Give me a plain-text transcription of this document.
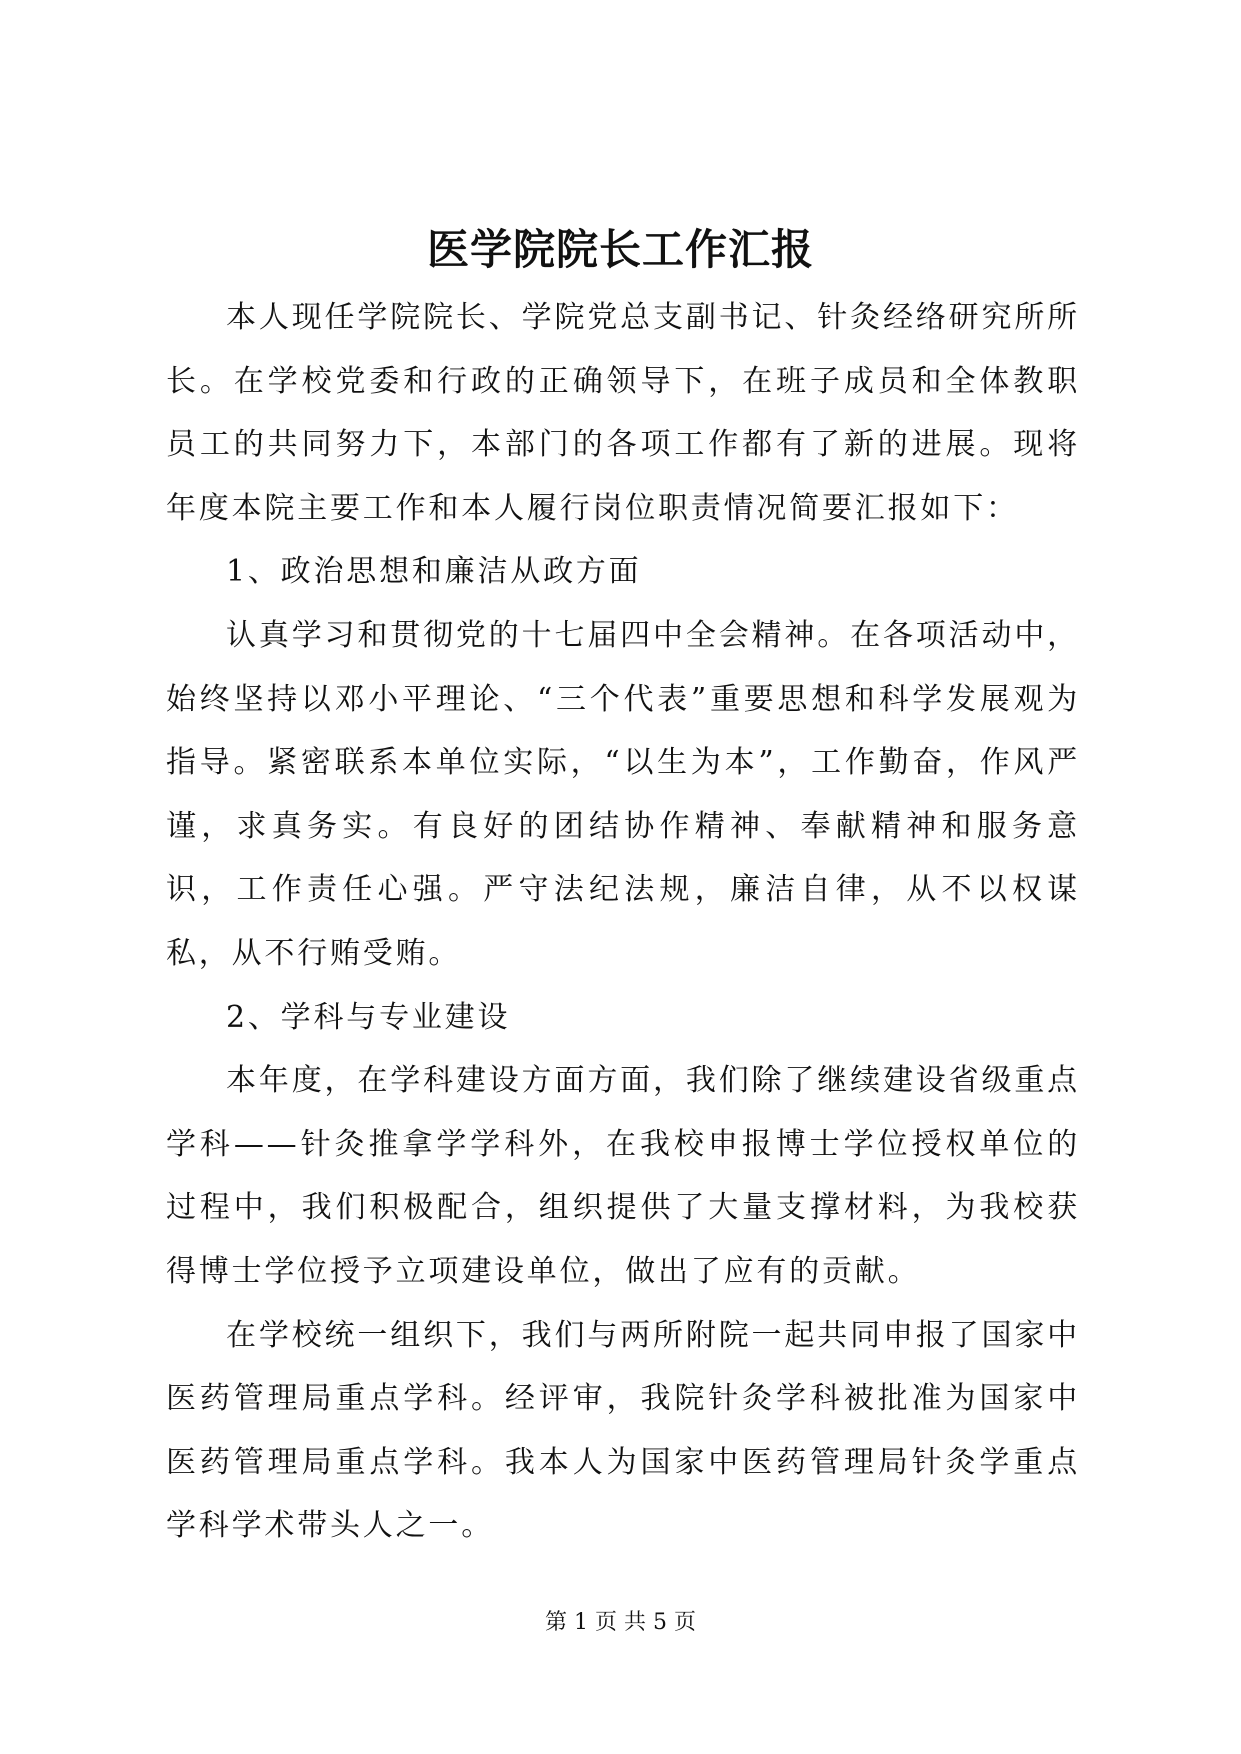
医学院院长工作汇报

本人现任学院院长、学院党总支副书记、针灸经络研究所所长。在学校党委和行政的正确领导下，在班子成员和全体教职员工的共同努力下，本部门的各项工作都有了新的进展。现将年度本院主要工作和本人履行岗位职责情况简要汇报如下：

1、政治思想和廉洁从政方面

认真学习和贯彻党的十七届四中全会精神。在各项活动中，始终坚持以邓小平理论、“三个代表”重要思想和科学发展观为指导。紧密联系本单位实际，“以生为本”，工作勤奋，作风严谨，求真务实。有良好的团结协作精神、奉献精神和服务意识，工作责任心强。严守法纪法规，廉洁自律，从不以权谋私，从不行贿受贿。

2、学科与专业建设

本年度，在学科建设方面方面，我们除了继续建设省级重点学科——针灸推拿学学科外，在我校申报博士学位授权单位的过程中，我们积极配合，组织提供了大量支撑材料，为我校获得博士学位授予立项建设单位，做出了应有的贡献。

在学校统一组织下，我们与两所附院一起共同申报了国家中医药管理局重点学科。经评审，我院针灸学科被批准为国家中医药管理局重点学科。我本人为国家中医药管理局针灸学重点学科学术带头人之一。

第 1 页 共 5 页
